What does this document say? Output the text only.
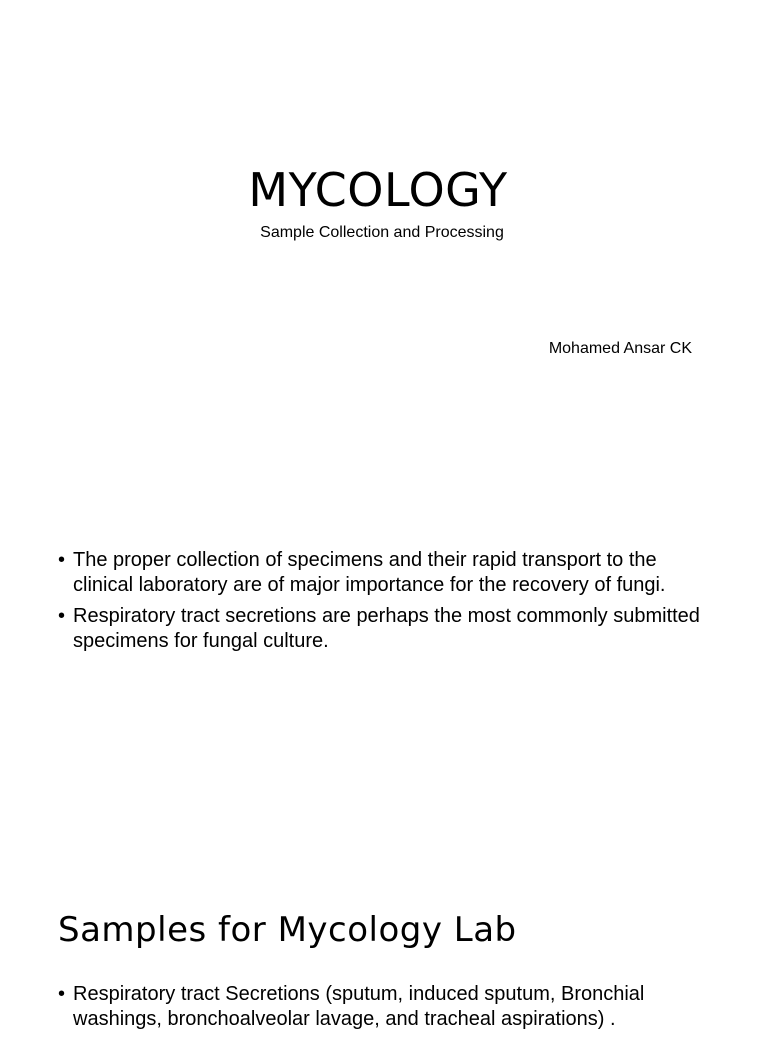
MYCOLOGY
Sample Collection and Processing
Mohamed Ansar CK
• The proper collection of specimens and their rapid transport to the clinical laboratory are of major importance for the recovery of fungi.
• Respiratory tract secretions are perhaps the most commonly submitted specimens for fungal culture.
Samples for Mycology Lab
• Respiratory tract Secretions (sputum, induced sputum, Bronchial washings, bronchoalveolar lavage, and tracheal aspirations) .
